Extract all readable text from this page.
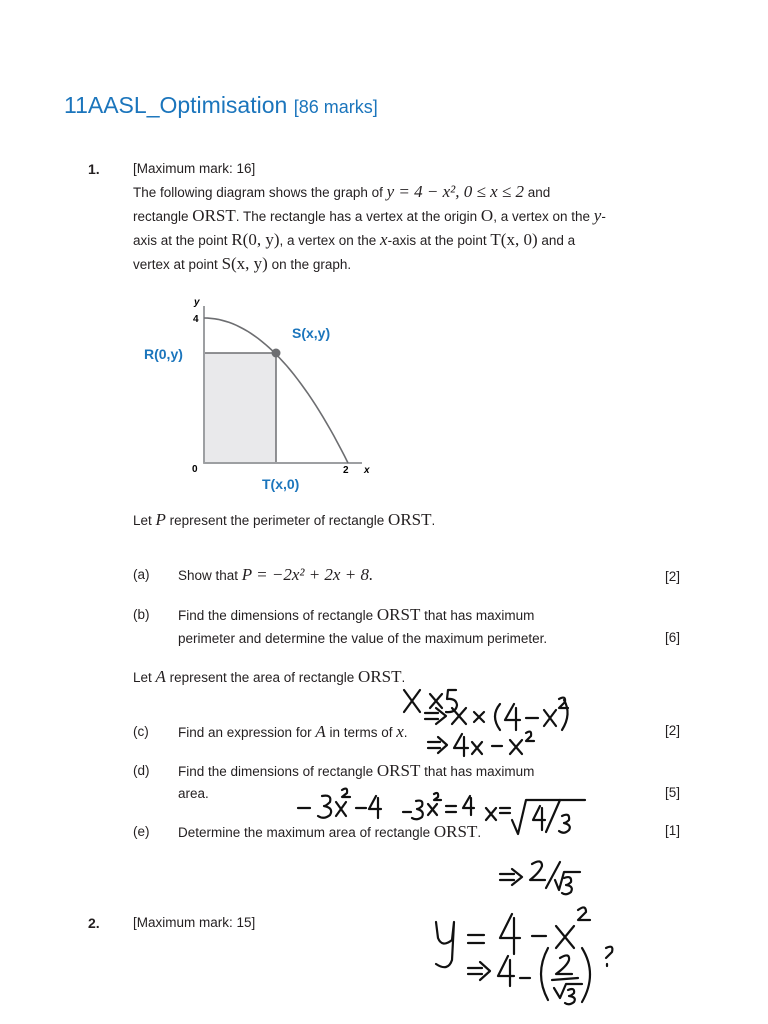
11AASL_Optimisation [86 marks]
1. [Maximum mark: 16]
The following diagram shows the graph of y = 4 − x², 0 ≤ x ≤ 2 and
rectangle ORST. The rectangle has a vertex at the origin O, a vertex on the y-
axis at the point R(0, y), a vertex on the x-axis at the point T(x, 0) and a
vertex at point S(x, y) on the graph.
y
4
0	2 x
R(0,y)
S(x,y)
T(x,0)
Let P represent the perimeter of rectangle ORST.
(a) Show that P = −2x² + 2x + 8.	[2]
(b) Find the dimensions of rectangle ORST that has maximum
perimeter and determine the value of the maximum perimeter.	[6]
Let A represent the area of rectangle ORST.
(c) Find an expression for A in terms of x.	[2]
(d) Find the dimensions of rectangle ORST that has maximum
area.	[5]
(e) Determine the maximum area of rectangle ORST.	[1]
2. [Maximum mark: 15]
